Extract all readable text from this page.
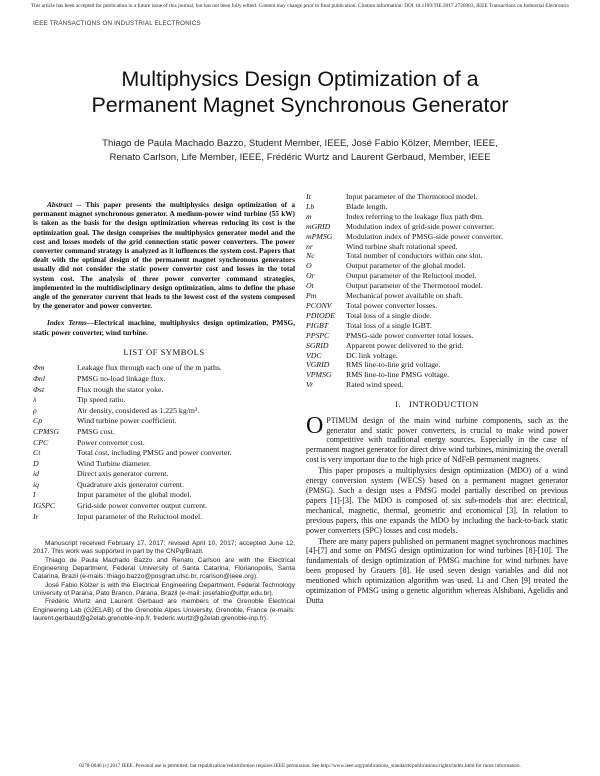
This article has been accepted for publication in a future issue of this journal, but has not been fully edited. Content may change prior to final publication. Citation information: DOI 10.1109/TIE.2017.2726983, IEEE Transactions on Industrial Electronics
IEEE TRANSACTIONS ON INDUSTRIAL ELECTRONICS
Multiphysics Design Optimization of a
Permanent Magnet Synchronous Generator
Thiago de Paula Machado Bazzo, Student Member, IEEE, José Fabio Kölzer, Member, IEEE,
Renato Carlson, Life Member, IEEE, Frédéric Wurtz and Laurent Gerbaud, Member, IEEE

Abstract -- This paper presents the multiphysics design optimization of a permanent magnet synchronous generator. A medium-power wind turbine (55 kW) is taken as the basis for the design optimization whereas reducing its cost is the optimization goal. The design comprises the multiphysics generator model and the cost and losses models of the grid connection static power converters. The power converter command strategy is analyzed as it influences the system cost. Papers that dealt with the optimal design of the permanent magnet synchronous generators usually did not consider the static power converter cost and losses in the total system cost. The analysis of three power converter command strategies, implemented in the multidisciplinary design optimization, aims to define the phase angle of the generator current that leads to the lowest cost of the system composed by the generator and power converter.

Index Terms—Electrical machine, multiphysics design optimization, PMSG, static power converter, wind turbine.

LIST OF SYMBOLS
Φm	Leakage flux through each one of the m paths.
Φnl	PMSG no-load linkage flux.
Φst	Flux trough the stator yoke.
λ	Tip speed ratio.
ρ	Air density, considered as 1.225 kg/m³.
Cp	Wind turbine power coefficient.
CPMSG	PMSG cost.
CPC	Power converter cost.
Ct	Total cost, including PMSG and power converter.
D	Wind Turbine diameter.
id	Direct axis generator current.
iq	Quadrature axis generator current.
I	Input parameter of the global model.
IGSPC	Grid-side power converter output current.
Ir	Input parameter of the Reluctool model.

Manuscript received February 17, 2017; revised April 10, 2017; accepted June 12, 2017. This work was supported in part by the CNPq/Brazil.

Thiago de Paula Machado Bazzo and Renato Carlson are with the Electrical Engineering Department, Federal University of Santa Catarina, Florianopolis, Santa Catarina, Brazil (e-mails: thiago.bazzo@posgrad.ufsc.br, rcarlson@ieee.org).

José Fabio Kölzer is with the Electrical Engineering Department, Federal Technology University of Parana, Pato Branco, Parana, Brazil (e-mail: josefabio@utfpr.edu.br).

Frédéric Wurtz and Laurent Gerbaud are members of the Grenoble Electrical Engineering Lab (G2ELAB) of the Grenoble Alpes University, Grenoble, France (e-mails: laurent.gerbaud@g2elab.grenoble-inp.fr, frederic.wurtz@g2elab.grenoble-inp.fr).

It	Input parameter of the Thermotool model.
Lb	Blade length.
m	Index referring to the leakage flux path Φm.
mGRID	Modulation index of grid-side power converter.
mPMSG	Modulation index of PMSG-side power converter.
nr	Wind turbine shaft rotational speed.
Nc	Total number of conductors within one slot.
O	Output parameter of the global model.
Or	Output parameter of the Reluctool model.
Ot	Output parameter of the Thermotool model.
Pm	Mechanical power available on shaft.
PCONV	Total power converter losses.
PDIODE	Total loss of a single diode.
PIGBT	Total loss of a single IGBT.
PPSPC	PMSG-side power converter total losses.
SGRID	Apparent power delivered to the grid.
VDC	DC link voltage.
VGRID	RMS line-to-line grid voltage.
VPMSG	RMS line-to-line PMSG voltage.
Vr	Rated wind speed.
I. INTRODUCTION

OPTIMUM design of the main wind turbine components, such as the generator and static power converters, is crucial to make wind power competitive with traditional energy sources. Especially in the case of permanent magnet generator for direct drive wind turbines, minimizing the overall cost is very important due to the high price of NdFeB permanent magnets.

This paper proposes a multiphysics design optimization (MDO) of a wind energy conversion system (WECS) based on a permanent magnet generator (PMSG). Such a design uses a PMSG model partially described on previous papers [1]-[3]. The MDO is composed of six sub-models that are: electrical, mechanical, magnetic, thermal, geometric and economical [3]. In relation to previous papers, this one expands the MDO by including the back-to-back static power converters (SPC) losses and cost models.

There are many papers published on permanent magnet synchronous machines [4]-[7] and some on PMSG design optimization for wind turbines [8]-[10]. The fundamentals of design optimization of PMSG machine for wind turbines have been proposed by Grauers [8]. He used seven design variables and did not mentioned which optimization algorithm was used. Li and Chen [9] treated the optimization of PMSG using a genetic algorithm whereas Alshibani, Agelidis and Dutta

0278-0046 (c) 2017 IEEE. Personal use is permitted, but republication/redistribution requires IEEE permission. See http://www.ieee.org/publications_standards/publications/rights/index.html for more information.
